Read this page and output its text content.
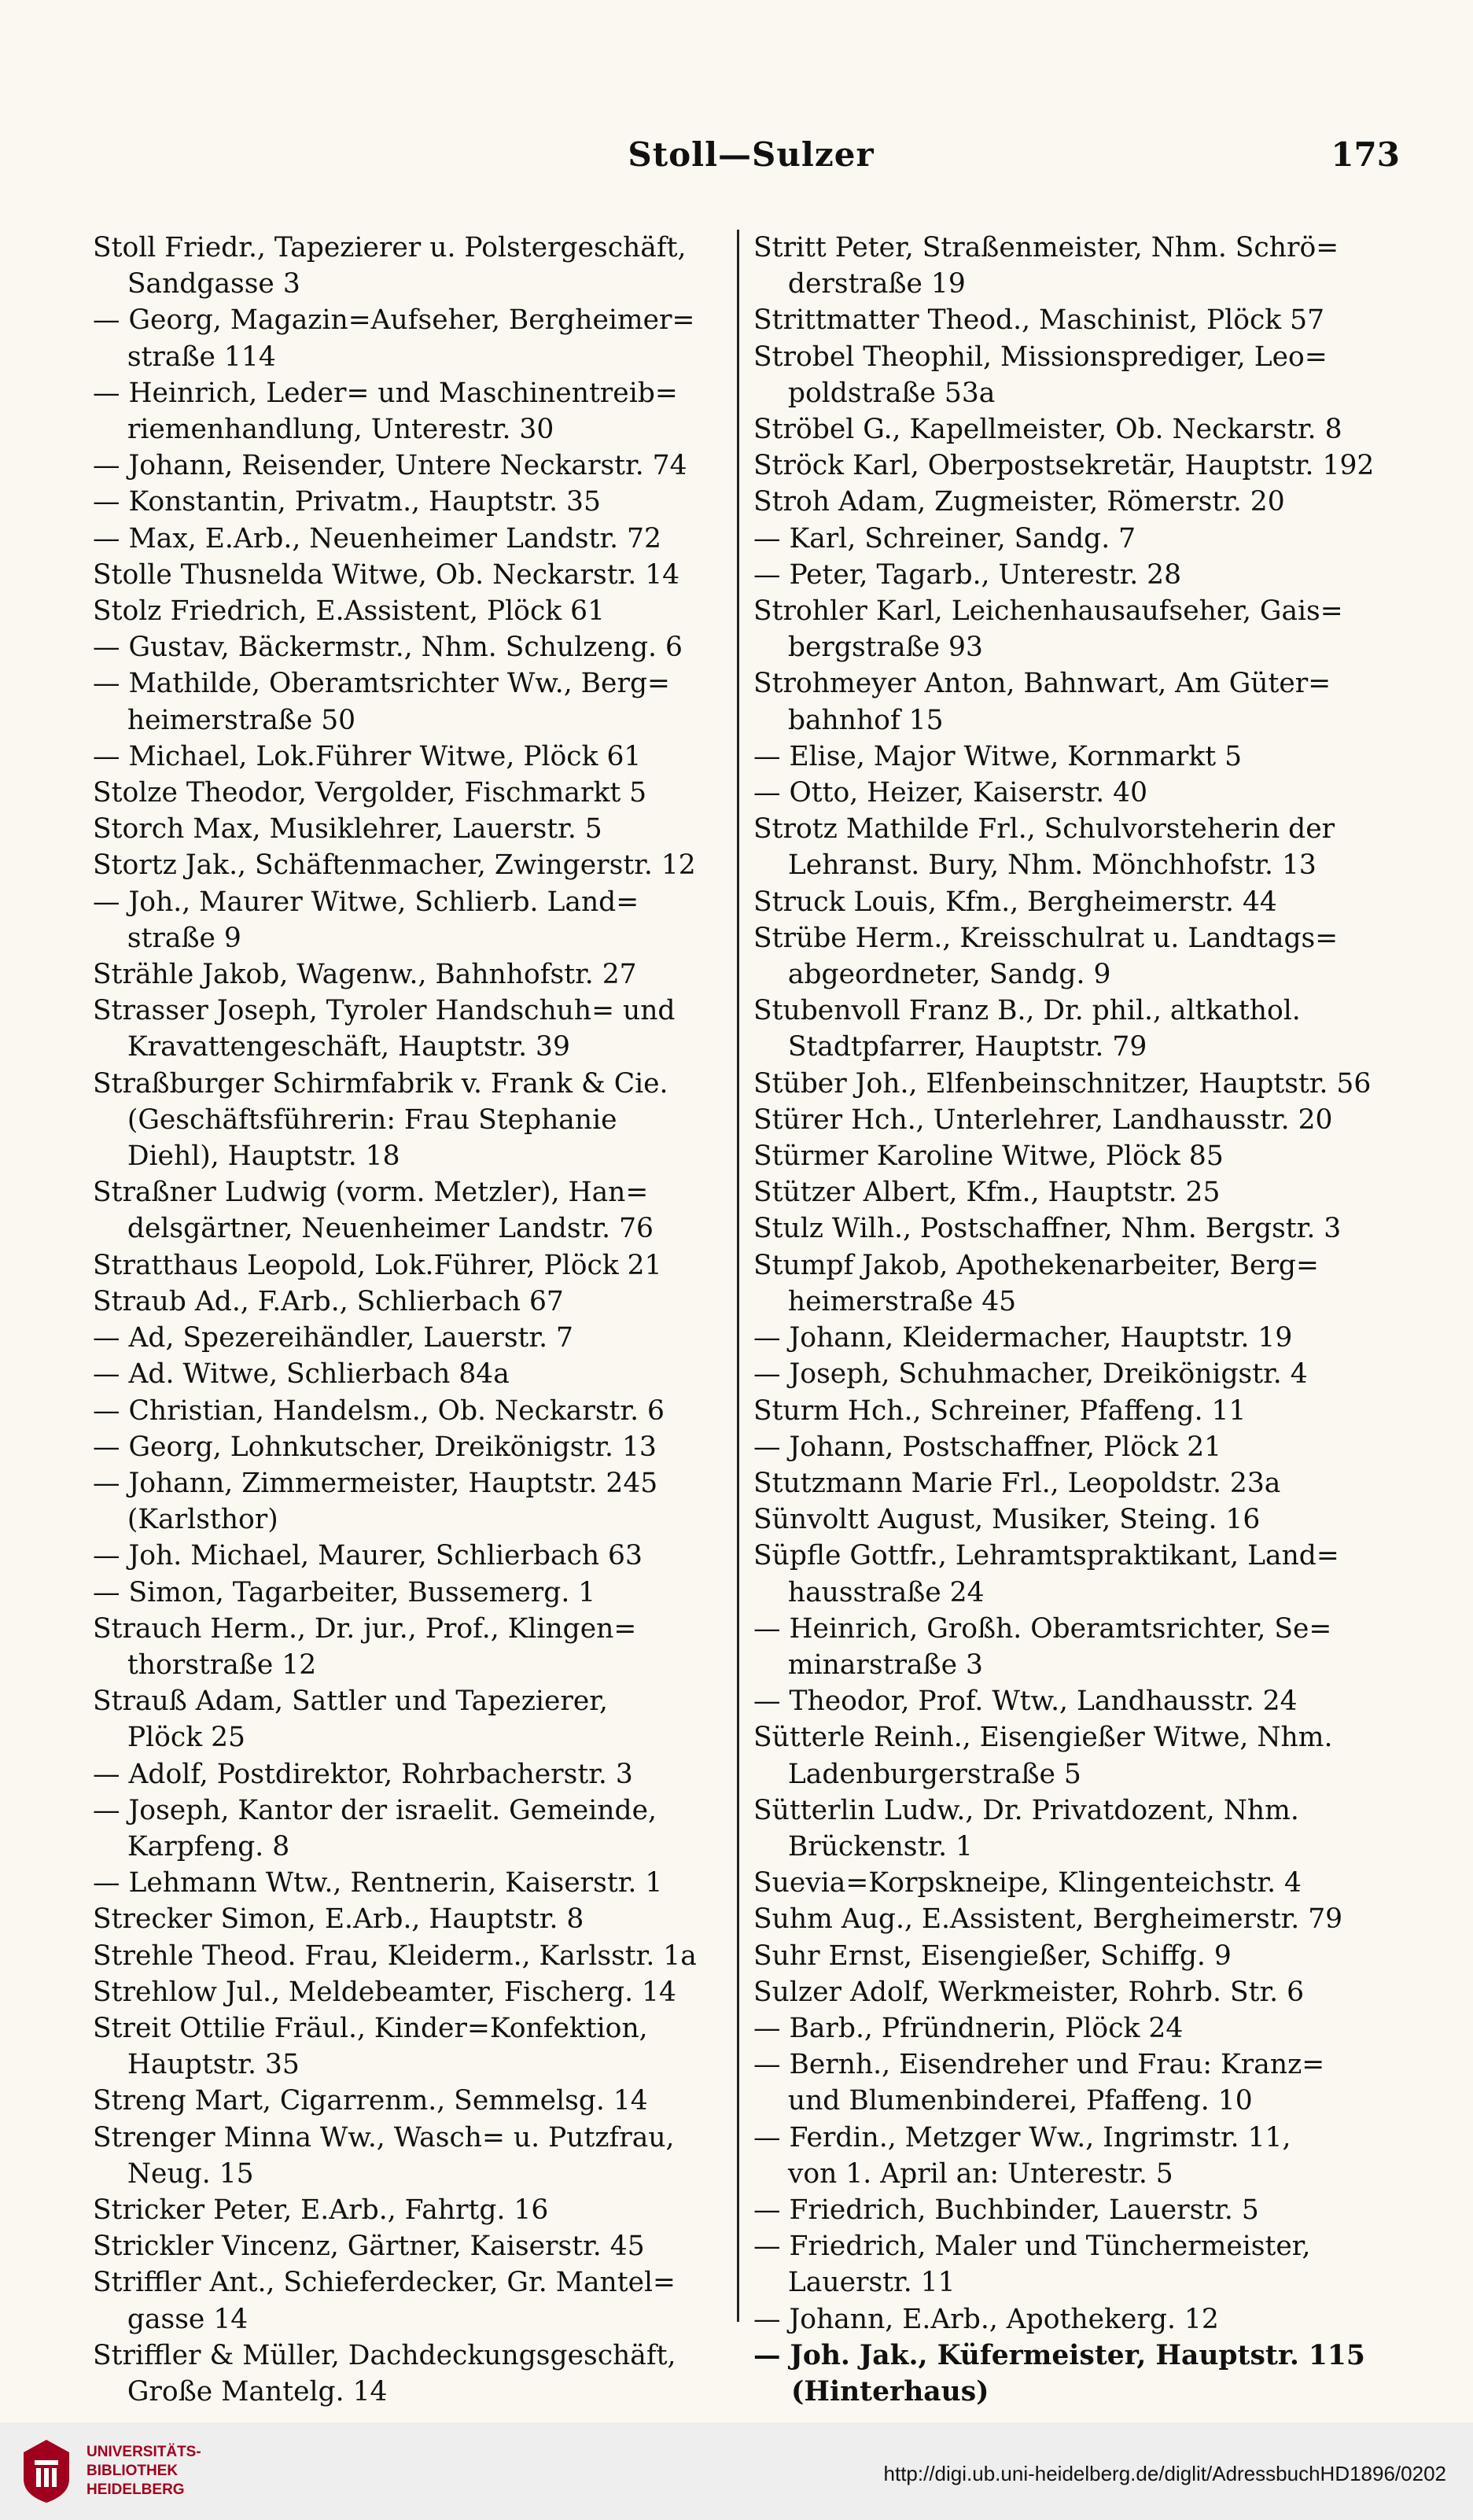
Stoll—Sulzer	173
Stoll Friedr., Tapezierer u. Polstergeschäft,
Sandgasse 3
— Georg, Magazin=Aufseher, Bergheimer=
straße 114
— Heinrich, Leder= und Maschinentreib=
riemenhandlung, Unterestr. 30
— Johann, Reisender, Untere Neckarstr. 74
— Konstantin, Privatm., Hauptstr. 35
— Max, E.Arb., Neuenheimer Landstr. 72
Stolle Thusnelda Witwe, Ob. Neckarstr. 14
Stolz Friedrich, E.Assistent, Plöck 61
— Gustav, Bäckermstr., Nhm. Schulzeng. 6
— Mathilde, Oberamtsrichter Ww., Berg=
heimerstraße 50
— Michael, Lok.Führer Witwe, Plöck 61
Stolze Theodor, Vergolder, Fischmarkt 5
Storch Max, Musiklehrer, Lauerstr. 5
Stortz Jak., Schäftenmacher, Zwingerstr. 12
— Joh., Maurer Witwe, Schlierb. Land=
straße 9
Strähle Jakob, Wagenw., Bahnhofstr. 27
Strasser Joseph, Tyroler Handschuh= und
Kravattengeschäft, Hauptstr. 39
Straßburger Schirmfabrik v. Frank & Cie.
(Geschäftsführerin: Frau Stephanie
Diehl), Hauptstr. 18
Straßner Ludwig (vorm. Metzler), Han=
delsgärtner, Neuenheimer Landstr. 76
Stratthaus Leopold, Lok.Führer, Plöck 21
Straub Ad., F.Arb., Schlierbach 67
— Ad, Spezereihändler, Lauerstr. 7
— Ad. Witwe, Schlierbach 84a
— Christian, Handelsm., Ob. Neckarstr. 6
— Georg, Lohnkutscher, Dreikönigstr. 13
— Johann, Zimmermeister, Hauptstr. 245
(Karlsthor)
— Joh. Michael, Maurer, Schlierbach 63
— Simon, Tagarbeiter, Bussemerg. 1
Strauch Herm., Dr. jur., Prof., Klingen=
thorstraße 12
Strauß Adam, Sattler und Tapezierer,
Plöck 25
— Adolf, Postdirektor, Rohrbacherstr. 3
— Joseph, Kantor der israelit. Gemeinde,
Karpfeng. 8
— Lehmann Wtw., Rentnerin, Kaiserstr. 1
Strecker Simon, E.Arb., Hauptstr. 8
Strehle Theod. Frau, Kleiderm., Karlsstr. 1a
Strehlow Jul., Meldebeamter, Fischerg. 14
Streit Ottilie Fräul., Kinder=Konfektion,
Hauptstr. 35
Streng Mart, Cigarrenm., Semmelsg. 14
Strenger Minna Ww., Wasch= u. Putzfrau,
Neug. 15
Stricker Peter, E.Arb., Fahrtg. 16
Strickler Vincenz, Gärtner, Kaiserstr. 45
Striffler Ant., Schieferdecker, Gr. Mantel=
gasse 14
Striffler & Müller, Dachdeckungsgeschäft,
Große Mantelg. 14
Stritt Peter, Straßenmeister, Nhm. Schrö=
derstraße 19
Strittmatter Theod., Maschinist, Plöck 57
Strobel Theophil, Missionsprediger, Leo=
poldstraße 53a
Ströbel G., Kapellmeister, Ob. Neckarstr. 8
Ströck Karl, Oberpostsekretär, Hauptstr. 192
Stroh Adam, Zugmeister, Römerstr. 20
— Karl, Schreiner, Sandg. 7
— Peter, Tagarb., Unterestr. 28
Strohler Karl, Leichenhausaufseher, Gais=
bergstraße 93
Strohmeyer Anton, Bahnwart, Am Güter=
bahnhof 15
— Elise, Major Witwe, Kornmarkt 5
— Otto, Heizer, Kaiserstr. 40
Strotz Mathilde Frl., Schulvorsteherin der
Lehranst. Bury, Nhm. Mönchhofstr. 13
Struck Louis, Kfm., Bergheimerstr. 44
Strübe Herm., Kreisschulrat u. Landtags=
abgeordneter, Sandg. 9
Stubenvoll Franz B., Dr. phil., altkathol.
Stadtpfarrer, Hauptstr. 79
Stüber Joh., Elfenbeinschnitzer, Hauptstr. 56
Stürer Hch., Unterlehrer, Landhausstr. 20
Stürmer Karoline Witwe, Plöck 85
Stützer Albert, Kfm., Hauptstr. 25
Stulz Wilh., Postschaffner, Nhm. Bergstr. 3
Stumpf Jakob, Apothekenarbeiter, Berg=
heimerstraße 45
— Johann, Kleidermacher, Hauptstr. 19
— Joseph, Schuhmacher, Dreikönigstr. 4
Sturm Hch., Schreiner, Pfaffeng. 11
— Johann, Postschaffner, Plöck 21
Stutzmann Marie Frl., Leopoldstr. 23a
Sünvoltt August, Musiker, Steing. 16
Süpfle Gottfr., Lehramtspraktikant, Land=
hausstraße 24
— Heinrich, Großh. Oberamtsrichter, Se=
minarstraße 3
— Theodor, Prof. Wtw., Landhausstr. 24
Sütterle Reinh., Eisengießer Witwe, Nhm.
Ladenburgerstraße 5
Sütterlin Ludw., Dr. Privatdozent, Nhm.
Brückenstr. 1
Suevia=Korpskneipe, Klingenteichstr. 4
Suhm Aug., E.Assistent, Bergheimerstr. 79
Suhr Ernst, Eisengießer, Schiffg. 9
Sulzer Adolf, Werkmeister, Rohrb. Str. 6
— Barb., Pfründnerin, Plöck 24
— Bernh., Eisendreher und Frau: Kranz=
und Blumenbinderei, Pfaffeng. 10
— Ferdin., Metzger Ww., Ingrimstr. 11,
von 1. April an: Unterestr. 5
— Friedrich, Buchbinder, Lauerstr. 5
— Friedrich, Maler und Tünchermeister,
Lauerstr. 11
— Johann, E.Arb., Apothekerg. 12
— Joh. Jak., Küfermeister, Hauptstr. 115
(Hinterhaus)
UNIVERSITÄTS-
BIBLIOTHEK
HEIDELBERG
http://digi.ub.uni-heidelberg.de/diglit/AdressbuchHD1896/0202
